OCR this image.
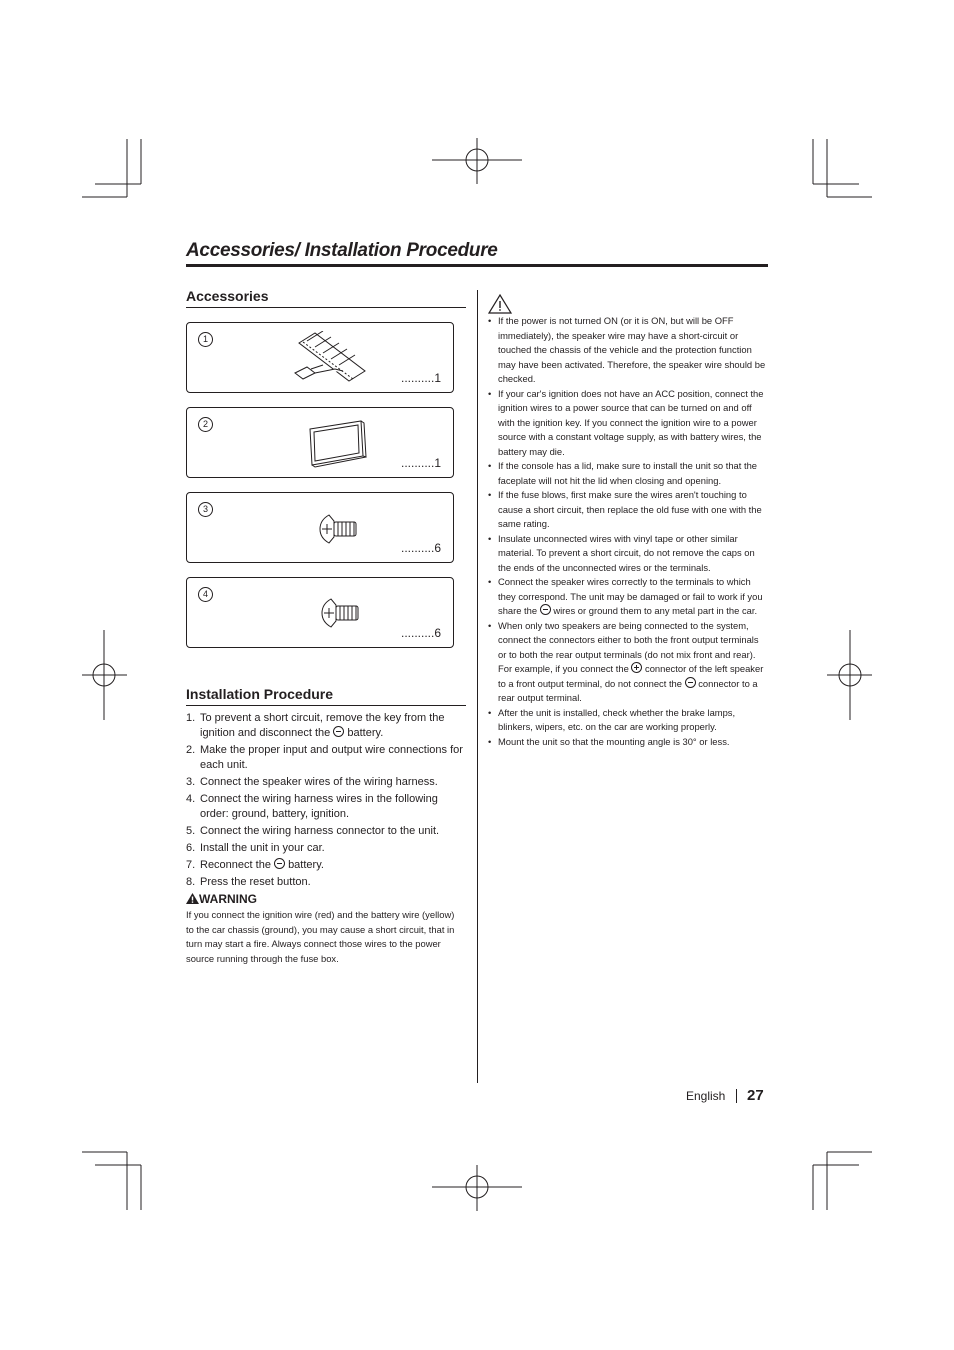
Accessories/ Installation Procedure
Accessories
1
..........1
2
..........1
3
..........6
4
..........6
Installation Procedure
1. To prevent a short circuit, remove the key from the ignition and disconnect the battery.
2. Make the proper input and output wire connections for each unit.
3. Connect the speaker wires of the wiring harness.
4. Connect the wiring harness wires in the following order: ground, battery, ignition.
5. Connect the wiring harness connector to the unit.
6. Install the unit in your car.
7. Reconnect the battery.
8. Press the reset button.
WARNING
If you connect the ignition wire (red) and the battery wire (yellow) to the car chassis (ground), you may cause a short circuit, that in turn may start a fire. Always connect those wires to the power source running through the fuse box.
• If the power is not turned ON (or it is ON, but will be OFF immediately), the speaker wire may have a short-circuit or touched the chassis of the vehicle and the protection function may have been activated. Therefore, the speaker wire should be checked.
• If your car's ignition does not have an ACC position, connect the ignition wires to a power source that can be turned on and off with the ignition key. If you connect the ignition wire to a power source with a constant voltage supply, as with battery wires, the battery may die.
• If the console has a lid, make sure to install the unit so that the faceplate will not hit the lid when closing and opening.
• If the fuse blows, first make sure the wires aren't touching to cause a short circuit, then replace the old fuse with one with the same rating.
• Insulate unconnected wires with vinyl tape or other similar material. To prevent a short circuit, do not remove the caps on the ends of the unconnected wires or the terminals.
• Connect the speaker wires correctly to the terminals to which they correspond. The unit may be damaged or fail to work if you share the wires or ground them to any metal part in the car.
• When only two speakers are being connected to the system, connect the connectors either to both the front output terminals or to both the rear output terminals (do not mix front and rear). For example, if you connect the connector of the left speaker to a front output terminal, do not connect the connector to a rear output terminal.
• After the unit is installed, check whether the brake lamps, blinkers, wipers, etc. on the car are working properly.
• Mount the unit so that the mounting angle is 30° or less.
English 27
